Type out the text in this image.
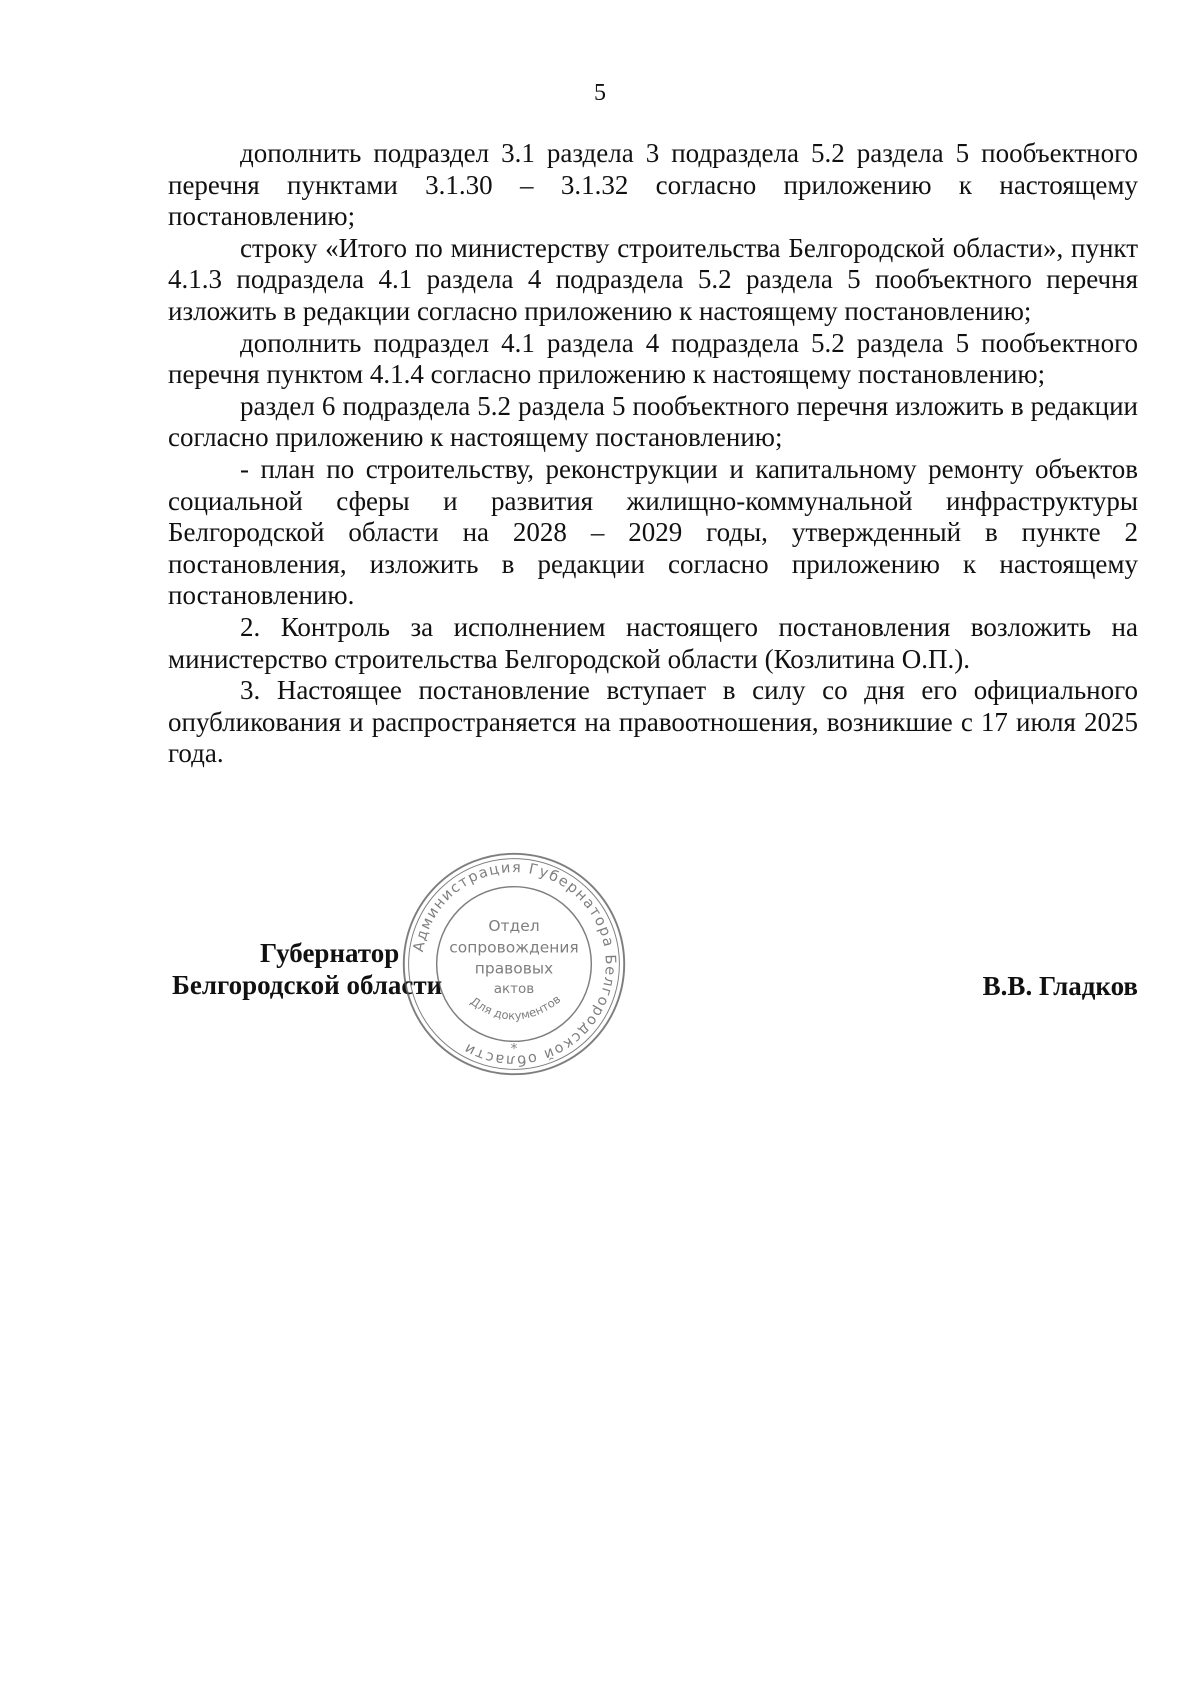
5

дополнить подраздел 3.1 раздела 3 подраздела 5.2 раздела 5 пообъектного перечня пунктами 3.1.30 – 3.1.32 согласно приложению к настоящему постановлению;

строку «Итого по министерству строительства Белгородской области», пункт 4.1.3 подраздела 4.1 раздела 4 подраздела 5.2 раздела 5 пообъектного перечня изложить в редакции согласно приложению к настоящему постановлению;

дополнить подраздел 4.1 раздела 4 подраздела 5.2 раздела 5 пообъектного перечня пунктом 4.1.4 согласно приложению к настоящему постановлению;

раздел 6 подраздела 5.2 раздела 5 пообъектного перечня изложить в редакции согласно приложению к настоящему постановлению;

- план по строительству, реконструкции и капитальному ремонту объектов социальной сферы и развития жилищно-коммунальной инфраструктуры Белгородской области на 2028 – 2029 годы, утвержденный в пункте 2 постановления, изложить в редакции согласно приложению к настоящему постановлению.

2. Контроль за исполнением настоящего постановления возложить на министерство строительства Белгородской области (Козлитина О.П.).

3. Настоящее постановление вступает в силу со дня его официального опубликования и распространяется на правоотношения, возникшие с 17 июля 2025 года.

Губернатор
Белгородской области	В.В. Гладков
Администрация Губернатора Белгородской области
Отдел
сопровождения
правовых
актов
Для документов
*
